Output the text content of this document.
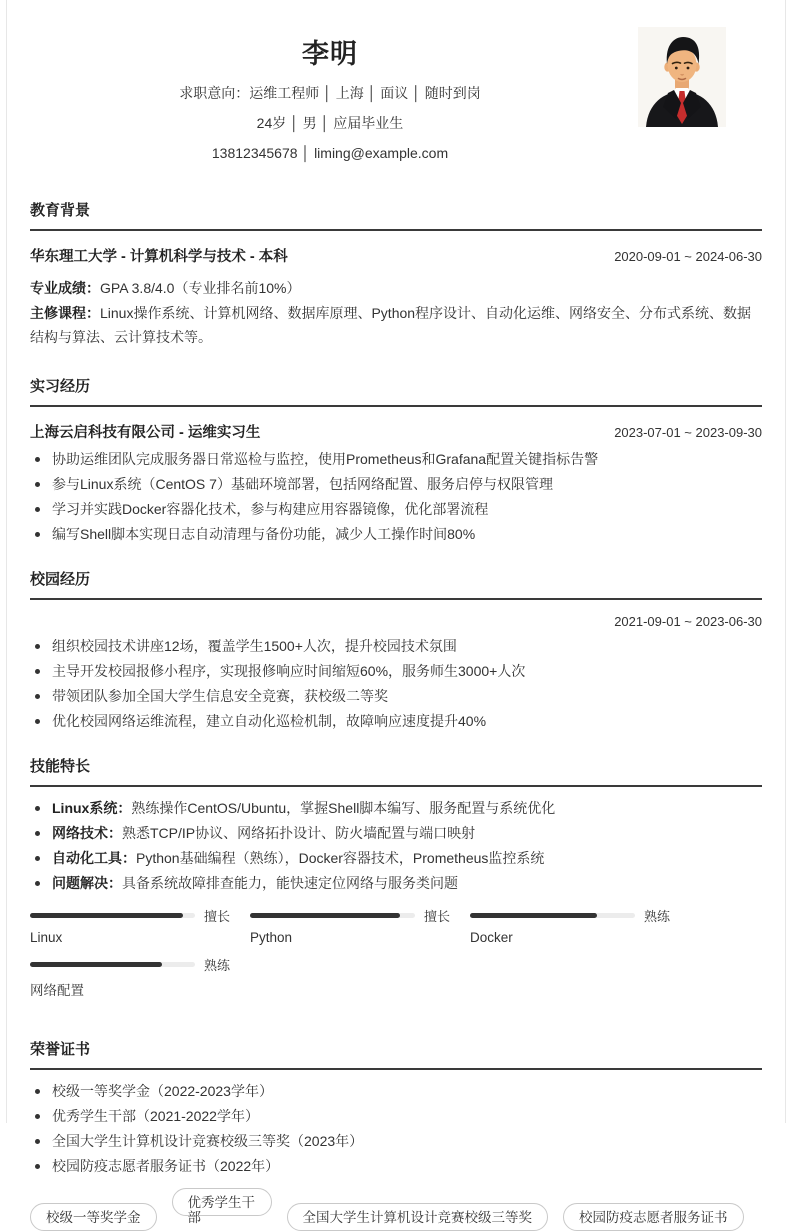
李明
求职意向：运维工程师 │ 上海 │ 面议 │ 随时到岗
24岁 │ 男 │ 应届毕业生
13812345678 │ liming@example.com
教育背景
华东理工大学 - 计算机科学与技术 - 本科	2020-09-01 ~ 2024-06-30

专业成绩：GPA 3.8/4.0（专业排名前10%）

主修课程：Linux操作系统、计算机网络、数据库原理、Python程序设计、自动化运维、网络安全、分布式系统、数据结构与算法、云计算技术等。

实习经历
上海云启科技有限公司 - 运维实习生	2023-07-01 ~ 2023-09-30
协助运维团队完成服务器日常巡检与监控，使用Prometheus和Grafana配置关键指标告警
参与Linux系统（CentOS 7）基础环境部署，包括网络配置、服务启停与权限管理
学习并实践Docker容器化技术，参与构建应用容器镜像，优化部署流程
编写Shell脚本实现日志自动清理与备份功能，减少人工操作时间80%
校园经历
2021-09-01 ~ 2023-06-30
组织校园技术讲座12场，覆盖学生1500+人次，提升校园技术氛围
主导开发校园报修小程序，实现报修响应时间缩短60%，服务师生3000+人次
带领团队参加全国大学生信息安全竞赛，获校级二等奖
优化校园网络运维流程，建立自动化巡检机制，故障响应速度提升40%
技能特长
Linux系统：熟练操作CentOS/Ubuntu，掌握Shell脚本编写、服务配置与系统优化
网络技术：熟悉TCP/IP协议、网络拓扑设计、防火墙配置与端口映射
自动化工具：Python基础编程（熟练），Docker容器技术，Prometheus监控系统
问题解决：具备系统故障排查能力，能快速定位网络与服务类问题
擅长
Linux
擅长
Python
熟练
Docker
熟练
网络配置
荣誉证书
校级一等奖学金（2022-2023学年）
优秀学生干部（2021-2022学年）
全国大学生计算机设计竞赛校级三等奖（2023年）
校园防疫志愿者服务证书（2022年）
校级一等奖学金 优秀学生干部	全国大学生计算机设计竞赛校级三等奖	校园防疫志愿者服务证书
